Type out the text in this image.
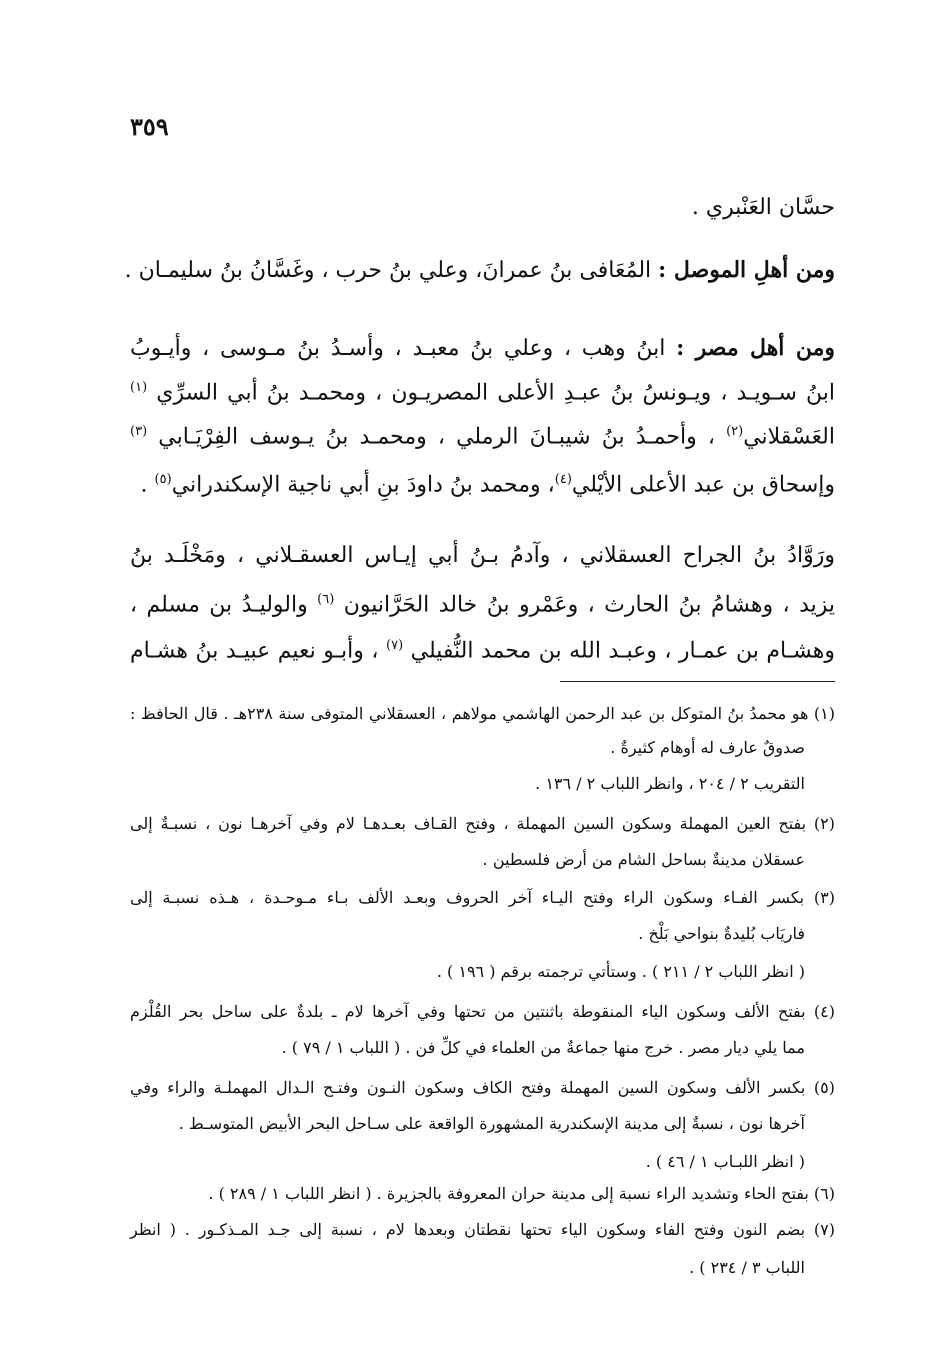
٣٥٩
حسَّان العَنْبري .
ومن أهلِ الموصل : المُعَافى بنُ عمرانَ، وعلي بنُ حرب ، وغَسَّانُ بنُ سليمـان .
ومن أهل مصر : ابنُ وهب ، وعلي بنُ معبـد ، وأسـدُ بنُ مـوسى ، وأيـوبُ
ابنُ سـويـد ، ويـونسُ بنُ عبـدِ الأعلى المصريـون ، ومحمـد بنُ أبي السرِّي $^{(١)}$
العَسْقلاني$^{(٢)}$ ، وأحمـدُ بنُ شيبـانَ الرملي ، ومحمـد بنُ يـوسف الفِرْيَـابي $^{(٣)}$
وإسحاق بن عبد الأعلى الأيْلي$^{(٤)}$، ومحمد بنُ داودَ بنِ أبي ناجية الإسكندراني$^{(٥)}$ .
ورَوَّادُ بنُ الجراح العسقلاني ، وآدمُ بـنُ أبي إيـاس العسقـلاني ، ومَخْلَـد بنُ
يزيد ، وهشامُ بنُ الحارث ، وعَمْرو بنُ خالد الحَرَّانيون $^{(٦)}$ والوليـدُ بن مسلم ،
وهشـام بن عمـار ، وعبـد الله بن محمد النُّفيلي $^{(٧)}$ ، وأبـو نعيم عبيـد بنُ هشـام
(١) هو محمدُ بنُ المتوكل بن عبد الرحمن الهاشمي مولاهم ، العسقلاني المتوفى سنة ٢٣٨هـ . قال الحافظ :
صدوقٌ عارف له أوهام كثيرةٌ .
التقريب ٢ / ٢٠٤ ، وانظر اللباب ٢ / ١٣٦ .
(٢) بفتح العين المهملة وسكون السين المهملة ، وفتح القـاف بعـدهـا لام وفي آخرهـا نون ، نسبـةٌ إلى
عسقلان مدينةٌ بساحل الشام من أرض فلسطين .
(٣) بكسر الفـاء وسكون الراء وفتح اليـاء آخر الحروف وبعـد الألف بـاء مـوحـدة ، هـذه نسبـة إلى
فاريَاب بُليدةٌ بنواحي بَلْخ .
( انظر اللباب ٢ / ٢١١ ) . وستأتي ترجمته برقم ( ١٩٦ ) .
(٤) بفتح الألف وسكون الياء المنقوطة باثنتين من تحتها وفي آخرها لام ـ بلدةٌ على ساحل بحر القُلْزم
مما يلي ديار مصر . خرج منها جماعةٌ من العلماء في كلِّ فن . ( اللباب ١ / ٧٩ ) .
(٥) بكسر الألف وسكون السين المهملة وفتح الكاف وسكون النـون وفتـح الـدال المهملـة والراء وفي
آخرها نون ، نسبةٌ إلى مدينة الإسكندرية المشهورة الواقعة على سـاحل البحر الأبيض المتوسـط .
( انظر اللبـاب ١ / ٤٦ ) .
(٦) بفتح الحاء وتشديد الراء نسبة إلى مدينة حران المعروفة بالجزيرة . ( انظر اللباب ١ / ٢٨٩ ) .
(٧) بضم النون وفتح الفاء وسكون الياء تحتها نقطتان وبعدها لام ، نسبة إلى جـد المـذكـور . ( انظر
اللباب ٣ / ٢٣٤ ) .
